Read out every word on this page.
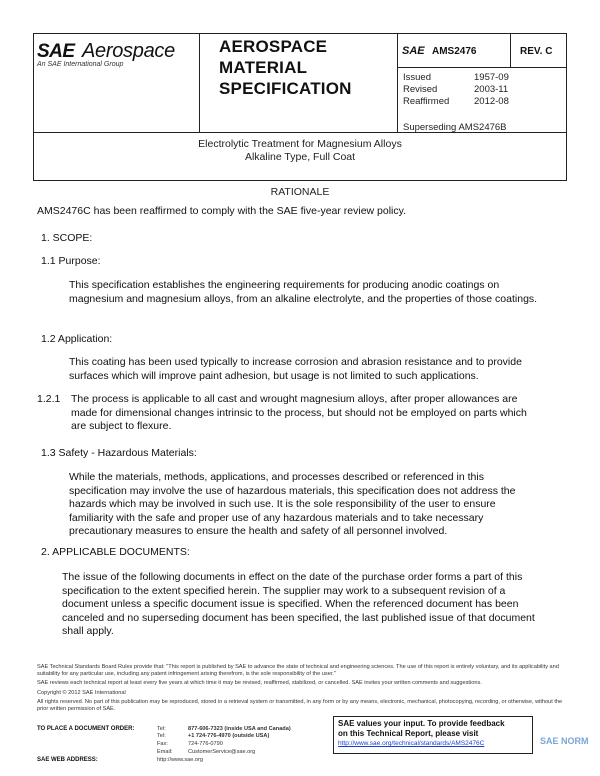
SAE Aerospace
An SAE International Group
AEROSPACE
MATERIAL
SPECIFICATION
SAE AMS2476	REV. C
Issued	1957-09
Revised	2003-11
Reaffirmed	2012-08
Superseding AMS2476B
Electrolytic Treatment for Magnesium Alloys
Alkaline Type, Full Coat
RATIONALE
AMS2476C has been reaffirmed to comply with the SAE five-year review policy.
1. SCOPE:
1.1 Purpose:
This specification establishes the engineering requirements for producing anodic coatings on magnesium and magnesium alloys, from an alkaline electrolyte, and the properties of those coatings.
1.2 Application:
This coating has been used typically to increase corrosion and abrasion resistance and to provide surfaces which will improve paint adhesion, but usage is not limited to such applications.
1.2.1 The process is applicable to all cast and wrought magnesium alloys, after proper allowances are made for dimensional changes intrinsic to the process, but should not be employed on parts which are subject to flexure.
1.3 Safety - Hazardous Materials:
While the materials, methods, applications, and processes described or referenced in this specification may involve the use of hazardous materials, this specification does not address the hazards which may be involved in such use. It is the sole responsibility of the user to ensure familiarity with the safe and proper use of any hazardous materials and to take necessary precautionary measures to ensure the health and safety of all personnel involved.
2. APPLICABLE DOCUMENTS:
The issue of the following documents in effect on the date of the purchase order forms a part of this specification to the extent specified herein. The supplier may work to a subsequent revision of a document unless a specific document issue is specified. When the referenced document has been canceled and no superseding document has been specified, the last published issue of that document shall apply.
SAE Technical Standards Board Rules provide that: "This report is published by SAE to advance the state of technical and engineering sciences. The use of this report is entirely voluntary, and its applicability and suitability for any particular use, including any patent infringement arising therefrom, is the sole responsibility of the user."
SAE reviews each technical report at least every five years at which time it may be revised, reaffirmed, stabilized, or cancelled. SAE invites your written comments and suggestions.
Copyright © 2012 SAE International
All rights reserved. No part of this publication may be reproduced, stored in a retrieval system or transmitted, in any form or by any means, electronic, mechanical, photocopying, recording, or otherwise, without the prior written permission of SAE.
TO PLACE A DOCUMENT ORDER:	Tel:	877-606-7323 (inside USA and Canada)
Tel:	+1 724-776-4970 (outside USA)
Fax:	724-776-0790
Email:	CustomerService@sae.org
SAE WEB ADDRESS:	http://www.sae.org
SAE values your input. To provide feedback
on this Technical Report, please visit
http://www.sae.org/technical/standards/AMS2476C	SAE NORM
